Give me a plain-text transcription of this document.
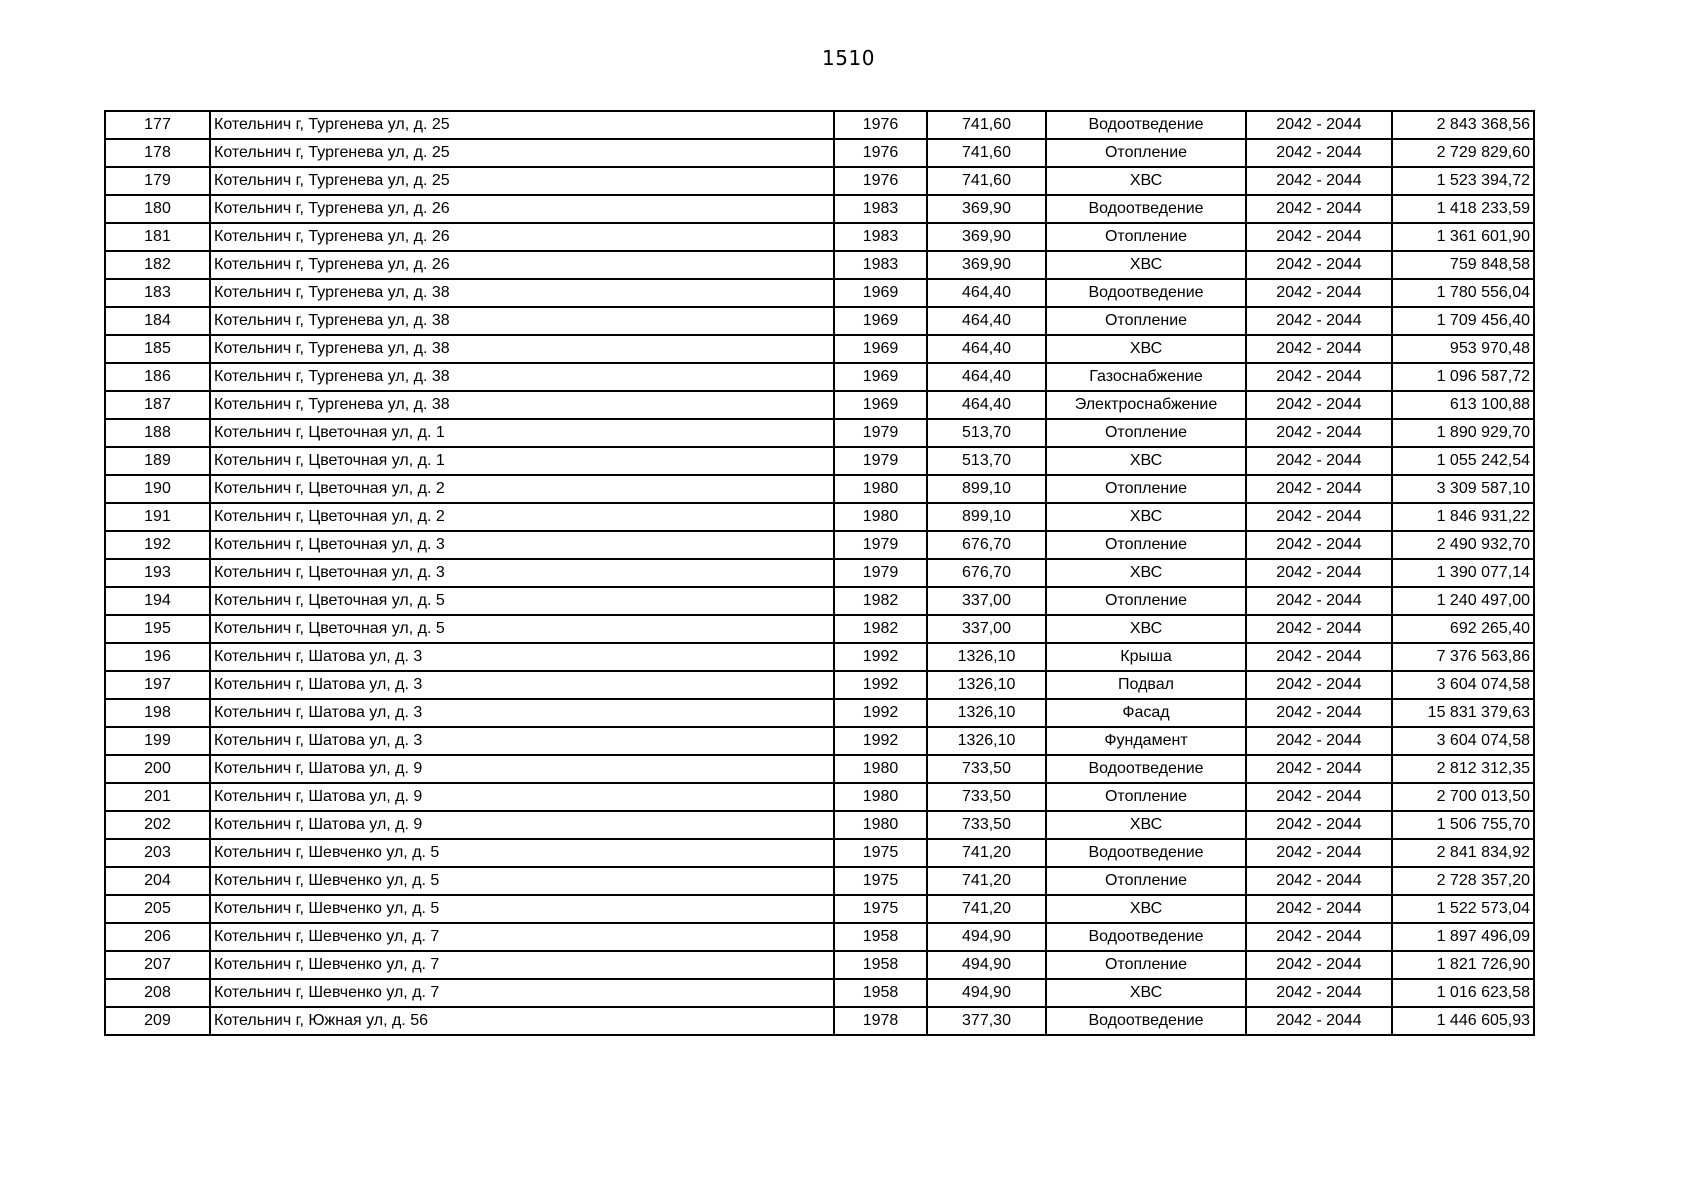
1510
177	Котельнич г, Тургенева ул, д. 25	1976	741,60	Водоотведение	2042 - 2044	2 843 368,56
178	Котельнич г, Тургенева ул, д. 25	1976	741,60	Отопление	2042 - 2044	2 729 829,60
179	Котельнич г, Тургенева ул, д. 25	1976	741,60	ХВС	2042 - 2044	1 523 394,72
180	Котельнич г, Тургенева ул, д. 26	1983	369,90	Водоотведение	2042 - 2044	1 418 233,59
181	Котельнич г, Тургенева ул, д. 26	1983	369,90	Отопление	2042 - 2044	1 361 601,90
182	Котельнич г, Тургенева ул, д. 26	1983	369,90	ХВС	2042 - 2044	759 848,58
183	Котельнич г, Тургенева ул, д. 38	1969	464,40	Водоотведение	2042 - 2044	1 780 556,04
184	Котельнич г, Тургенева ул, д. 38	1969	464,40	Отопление	2042 - 2044	1 709 456,40
185	Котельнич г, Тургенева ул, д. 38	1969	464,40	ХВС	2042 - 2044	953 970,48
186	Котельнич г, Тургенева ул, д. 38	1969	464,40	Газоснабжение	2042 - 2044	1 096 587,72
187	Котельнич г, Тургенева ул, д. 38	1969	464,40	Электроснабжение	2042 - 2044	613 100,88
188	Котельнич г, Цветочная ул, д. 1	1979	513,70	Отопление	2042 - 2044	1 890 929,70
189	Котельнич г, Цветочная ул, д. 1	1979	513,70	ХВС	2042 - 2044	1 055 242,54
190	Котельнич г, Цветочная ул, д. 2	1980	899,10	Отопление	2042 - 2044	3 309 587,10
191	Котельнич г, Цветочная ул, д. 2	1980	899,10	ХВС	2042 - 2044	1 846 931,22
192	Котельнич г, Цветочная ул, д. 3	1979	676,70	Отопление	2042 - 2044	2 490 932,70
193	Котельнич г, Цветочная ул, д. 3	1979	676,70	ХВС	2042 - 2044	1 390 077,14
194	Котельнич г, Цветочная ул, д. 5	1982	337,00	Отопление	2042 - 2044	1 240 497,00
195	Котельнич г, Цветочная ул, д. 5	1982	337,00	ХВС	2042 - 2044	692 265,40
196	Котельнич г, Шатова ул, д. 3	1992	1326,10	Крыша	2042 - 2044	7 376 563,86
197	Котельнич г, Шатова ул, д. 3	1992	1326,10	Подвал	2042 - 2044	3 604 074,58
198	Котельнич г, Шатова ул, д. 3	1992	1326,10	Фасад	2042 - 2044	15 831 379,63
199	Котельнич г, Шатова ул, д. 3	1992	1326,10	Фундамент	2042 - 2044	3 604 074,58
200	Котельнич г, Шатова ул, д. 9	1980	733,50	Водоотведение	2042 - 2044	2 812 312,35
201	Котельнич г, Шатова ул, д. 9	1980	733,50	Отопление	2042 - 2044	2 700 013,50
202	Котельнич г, Шатова ул, д. 9	1980	733,50	ХВС	2042 - 2044	1 506 755,70
203	Котельнич г, Шевченко ул, д. 5	1975	741,20	Водоотведение	2042 - 2044	2 841 834,92
204	Котельнич г, Шевченко ул, д. 5	1975	741,20	Отопление	2042 - 2044	2 728 357,20
205	Котельнич г, Шевченко ул, д. 5	1975	741,20	ХВС	2042 - 2044	1 522 573,04
206	Котельнич г, Шевченко ул, д. 7	1958	494,90	Водоотведение	2042 - 2044	1 897 496,09
207	Котельнич г, Шевченко ул, д. 7	1958	494,90	Отопление	2042 - 2044	1 821 726,90
208	Котельнич г, Шевченко ул, д. 7	1958	494,90	ХВС	2042 - 2044	1 016 623,58
209	Котельнич г, Южная ул, д. 56	1978	377,30	Водоотведение	2042 - 2044	1 446 605,93
